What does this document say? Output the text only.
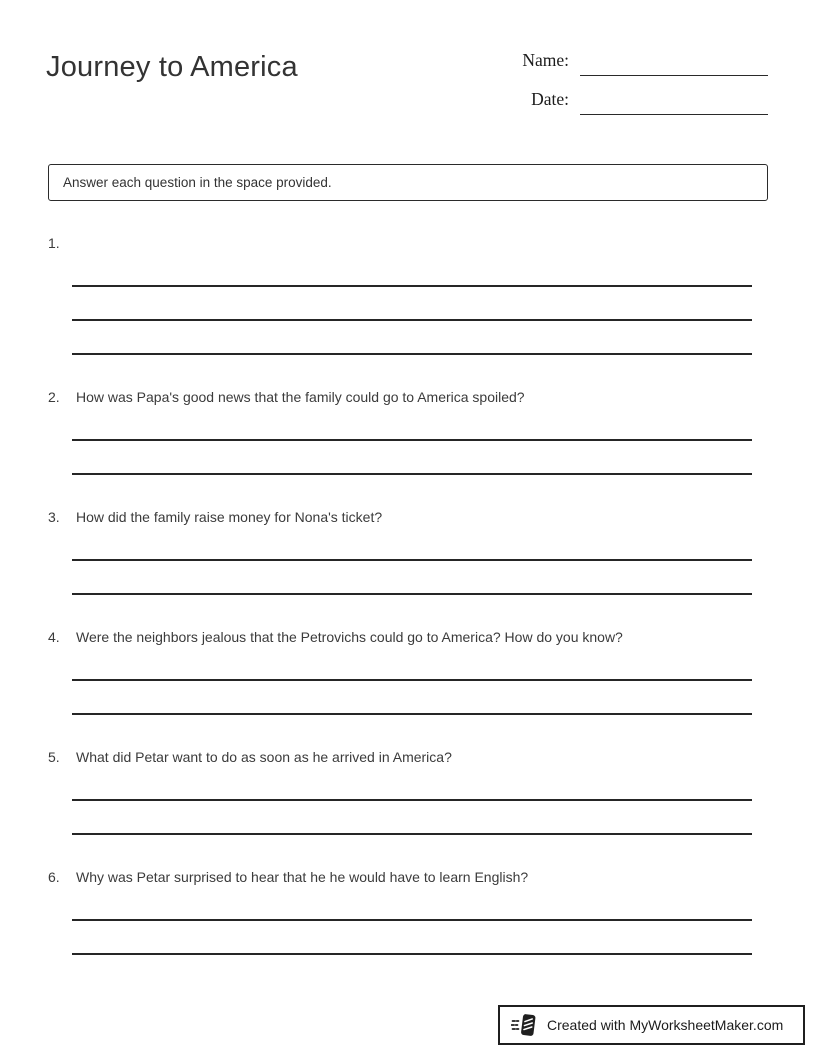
Journey to America	Name:
Date:
Answer each question in the space provided.
1.
2.	How was Papa's good news that the family could go to America spoiled?
3.	How did the family raise money for Nona's ticket?
4.	Were the neighbors jealous that the Petrovichs could go to America? How do you know?
5.	What did Petar want to do as soon as he arrived in America?
6.	Why was Petar surprised to hear that he he would have to learn English?
Created with MyWorksheetMaker.com
